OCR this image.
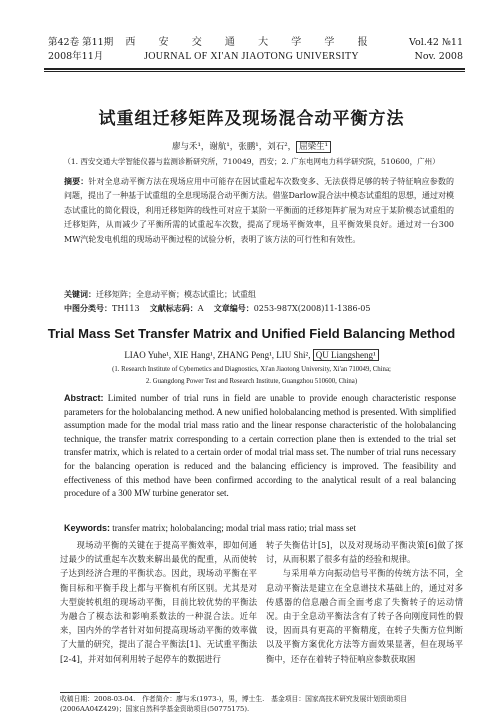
第42卷 第11期
2008年11月
西 安 交 通 大 学 学 报
JOURNAL OF XI'AN JIAOTONG UNIVERSITY
Vol.42 №11
Nov. 2008
试重组迁移矩阵及现场混合动平衡方法
廖与禾¹，谢航¹，张鹏¹，刘石²， 屈梁生¹
（1. 西安交通大学智能仪器与监测诊断研究所，710049，西安；2. 广东电网电力科学研究院，510600，广州）
摘要：针对全息动平衡方法在现场应用中可能存在因试重起车次数变多、无法获得足够的转子特征响应参数的问题，提出了一种基于试重组的全息现场混合动平衡方法。借鉴Darlow混合法中模态试重组的思想，通过对模态试重比的简化假设，利用迁移矩阵的线性可对应于某阶一平衡面的迁移矩阵扩展为对应于某阶模态试重组的迁移矩阵，从而减少了平衡所需的试重起车次数，提高了现场平衡效率，且平衡效果良好。通过对一台300 MW汽轮发电机组的现场动平衡过程的试验分析，表明了该方法的可行性和有效性。
关键词：迁移矩阵；全息动平衡；模态试重比；试重组
中图分类号：TH113 文献标志码：A 文章编号：0253-987X(2008)11-1386-05
Trial Mass Set Transfer Matrix and Unified Field Balancing Method
LIAO Yuhe¹, XIE Hang¹, ZHANG Peng¹, LIU Shi², QU Liangsheng¹
(1. Research Institute of Cybernetics and Diagnostics, Xi'an Jiaotong University, Xi'an 710049, China;
2. Guangdong Power Test and Research Institute, Guangzhou 510600, China)
Abstract: Limited number of trial runs in field are unable to provide enough characteristic response parameters for the holobalancing method. A new unified holobalancing method is presented. With simplified assumption made for the modal trial mass ratio and the linear response characteristic of the holobalancing technique, the transfer matrix corresponding to a certain correction plane then is extended to the trial set transfer matrix, which is related to a certain order of modal trial mass set. The number of trial runs necessary for the balancing operation is reduced and the balancing efficiency is improved. The feasibility and effectiveness of this method have been confirmed according to the analytical result of a real balancing procedure of a 300 MW turbine generator set.
Keywords: transfer matrix; holobalancing; modal trial mass ratio; trial mass set
现场动平衡的关键在于提高平衡效率，即如何通过最少的试重起车次数来解出最优的配重，从而使转子达到经济合理的平衡状态。因此，现场动平衡在平衡目标和平衡手段上都与平衡机有所区别。尤其是对大型旋转机组的现场动平衡，目前比较优势的平衡法为融合了模态法和影响系数法的一种混合法。近年来，国内外的学者针对如何提高现场动平衡的效率做了大量的研究，提出了混合平衡法[1]、无试重平衡法[2-4]，并对如何利用转子起停车的数据进行
转子失衡估计[5]，以及对现场动平衡决策[6]做了探讨，从而积累了很多有益的经验和规律。
与采用单方向振动信号平衡的传统方法不同，全息动平衡法是建立在全息谱技术基础上的，通过对多传感器的信息融合而全面考虑了失衡转子的运动情况。由于全息动平衡法含有了转子各向刚度同性的假设，因而具有更高的平衡精度，在转子失衡方位判断以及平衡方案优化方法等方面效果显著，但在现场平衡中，还存在着转子特征响应参数获取困
收稿日期：2008-03-04.　作者简介：廖与禾(1973-)，男，博士生.　基金项目：国家高技术研究发展计划资助项目
(2006AA04Z429)；国家自然科学基金资助项目(50775175).
